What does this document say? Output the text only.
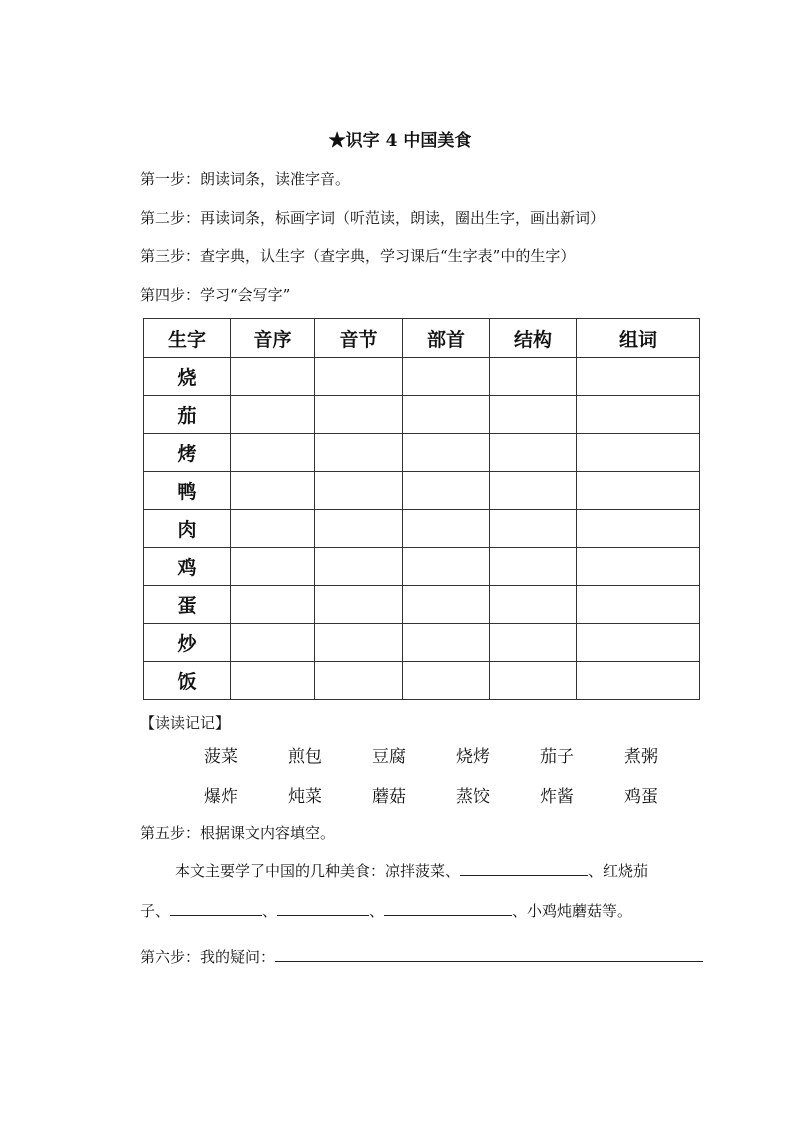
★识字 4 中国美食
第一步：朗读词条，读准字音。
第二步：再读词条，标画字词（听范读，朗读，圈出生字，画出新词）
第三步：查字典，认生字（查字典，学习课后“生字表”中的生字）
第四步：学习“会写字”
生字	音序	音节	部首	结构	组词
烧					
茄					
烤					
鸭					
肉					
鸡					
蛋					
炒					
饭					
【读读记记】
菠菜	煎包	豆腐	烧烤	茄子	煮粥
爆炸	炖菜	蘑菇	蒸饺	炸酱	鸡蛋
第五步：根据课文内容填空。
本文主要学了中国的几种美食：凉拌菠菜、	、红烧茄
子、	、	、	、小鸡炖蘑菇等。
第六步：我的疑问：
